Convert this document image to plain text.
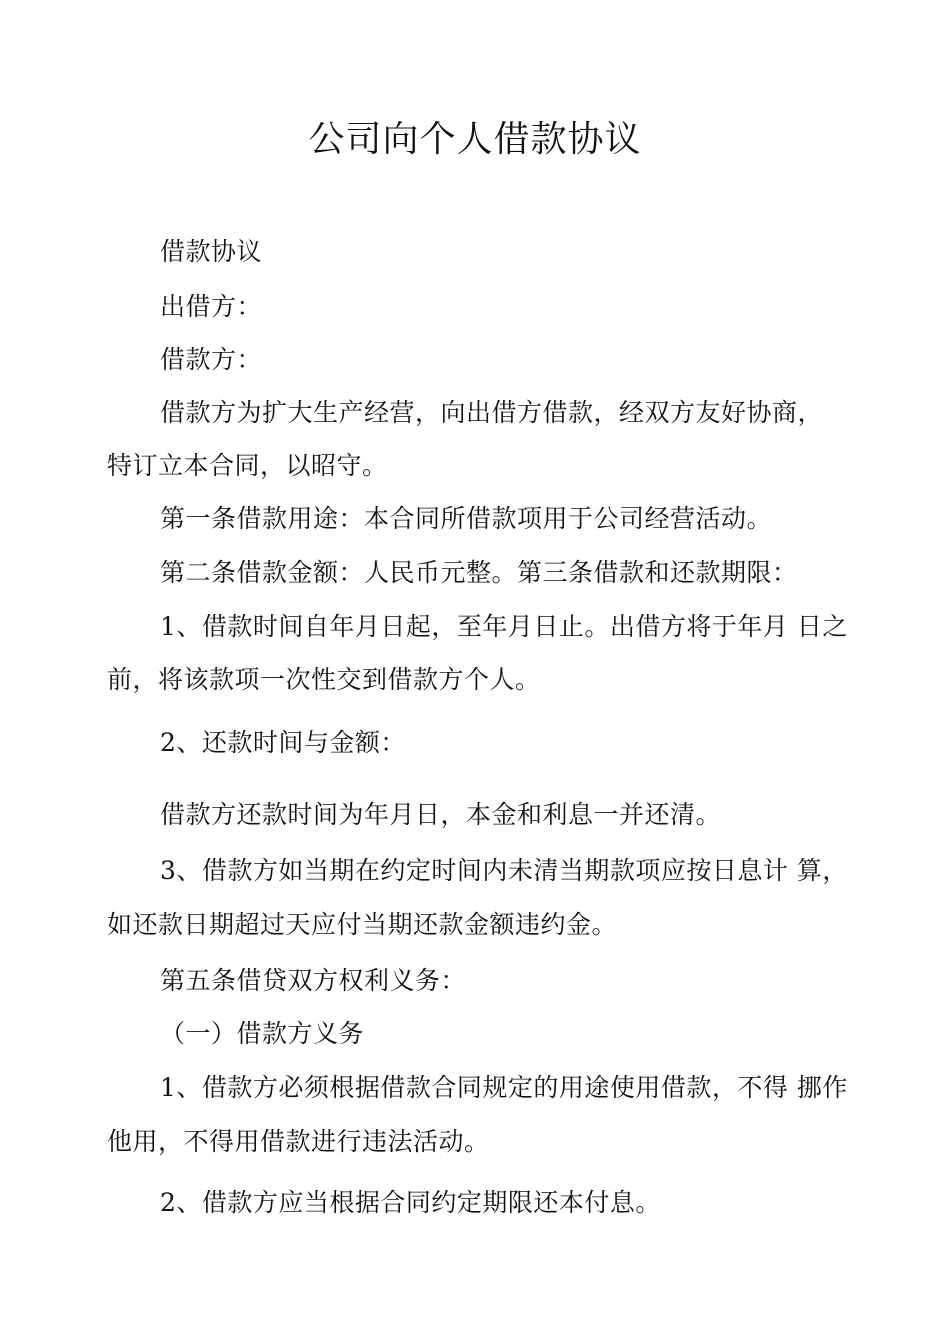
公司向个人借款协议
借款协议
出借方：
借款方：
借款方为扩大生产经营，向出借方借款，经双方友好协商，
特订立本合同，以昭守。
第一条借款用途：本合同所借款项用于公司经营活动。
第二条借款金额：人民币元整。第三条借款和还款期限：
1、借款时间自年月日起，至年月日止。出借方将于年月 日之
前，将该款项一次性交到借款方个人。
2、还款时间与金额：
借款方还款时间为年月日，本金和利息一并还清。
3、借款方如当期在约定时间内未清当期款项应按日息计 算，
如还款日期超过天应付当期还款金额违约金。
第五条借贷双方权利义务：
（一）借款方义务
1、借款方必须根据借款合同规定的用途使用借款，不得 挪作
他用，不得用借款进行违法活动。
2、借款方应当根据合同约定期限还本付息。
